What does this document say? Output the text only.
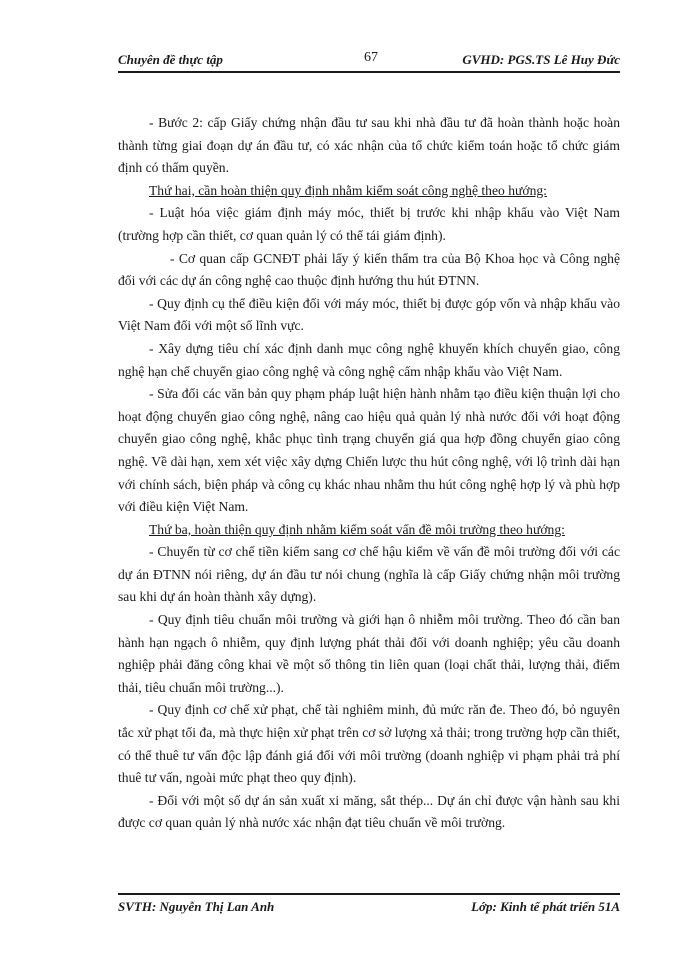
Chuyên đề thực tập	67	GVHD: PGS.TS Lê Huy Đức

- Bước 2: cấp Giấy chứng nhận đầu tư sau khi nhà đầu tư đã hoàn thành hoặc hoàn thành từng giai đoạn dự án đầu tư, có xác nhận của tổ chức kiểm toán hoặc tổ chức giám định có thẩm quyền.

Thứ hai, cần hoàn thiện quy định nhằm kiểm soát công nghệ theo hướng:

- Luật hóa việc giám định máy móc, thiết bị trước khi nhập khẩu vào Việt Nam (trường hợp cần thiết, cơ quan quản lý có thể tái giám định).

- Cơ quan cấp GCNĐT phải lấy ý kiến thẩm tra của Bộ Khoa học và Công nghệ đối với các dự án công nghệ cao thuộc định hướng thu hút ĐTNN.

- Quy định cụ thể điều kiện đối với máy móc, thiết bị được góp vốn và nhập khẩu vào Việt Nam đối với một số lĩnh vực.

- Xây dựng tiêu chí xác định danh mục công nghệ khuyến khích chuyển giao, công nghệ hạn chế chuyển giao công nghệ và công nghệ cấm nhập khẩu vào Việt Nam.

- Sửa đổi các văn bản quy phạm pháp luật hiện hành nhằm tạo điều kiện thuận lợi cho hoạt động chuyển giao công nghệ, nâng cao hiệu quả quản lý nhà nước đối với hoạt động chuyển giao công nghệ, khắc phục tình trạng chuyển giá qua hợp đồng chuyển giao công nghệ. Về dài hạn, xem xét việc xây dựng Chiến lược thu hút công nghệ, với lộ trình dài hạn với chính sách, biện pháp và công cụ khác nhau nhằm thu hút công nghệ hợp lý và phù hợp với điều kiện Việt Nam.

Thứ ba, hoàn thiện quy định nhằm kiểm soát vấn đề môi trường theo hướng:

- Chuyển từ cơ chế tiền kiểm sang cơ chế hậu kiểm về vấn đề môi trường đối với các dự án ĐTNN nói riêng, dự án đầu tư nói chung (nghĩa là cấp Giấy chứng nhận môi trường sau khi dự án hoàn thành xây dựng).

- Quy định tiêu chuẩn môi trường và giới hạn ô nhiễm môi trường. Theo đó cần ban hành hạn ngạch ô nhiễm, quy định lượng phát thải đối với doanh nghiệp; yêu cầu doanh nghiệp phải đăng công khai về một số thông tin liên quan (loại chất thải, lượng thải, điểm thải, tiêu chuẩn môi trường...).

- Quy định cơ chế xử phạt, chế tài nghiêm minh, đủ mức răn đe. Theo đó, bỏ nguyên tắc xử phạt tối đa, mà thực hiện xử phạt trên cơ sở lượng xả thải; trong trường hợp cần thiết, có thể thuê tư vấn độc lập đánh giá đối với môi trường (doanh nghiệp vi phạm phải trả phí thuê tư vấn, ngoài mức phạt theo quy định).

- Đối với một số dự án sản xuất xi măng, sắt thép... Dự án chỉ được vận hành sau khi được cơ quan quản lý nhà nước xác nhận đạt tiêu chuẩn về môi trường.

SVTH: Nguyễn Thị Lan Anh	Lớp: Kinh tế phát triển 51A
